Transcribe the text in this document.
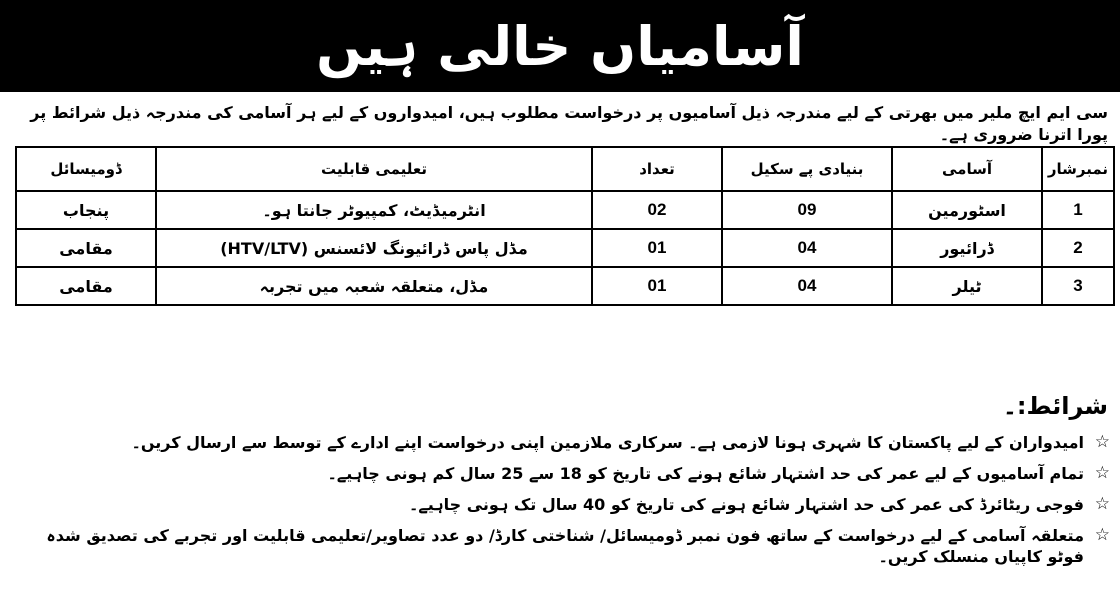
آسامیاں خالی ہیں
سی ایم ایچ ملیر میں بھرتی کے لیے مندرجہ ذیل آسامیوں پر درخواست مطلوب ہیں، امیدواروں کے لیے ہر آسامی کی مندرجہ ذیل شرائط پر پورا اترنا ضروری ہے۔
نمبرشار	آسامی	بنیادی پے سکیل	تعداد	تعلیمی قابلیت	ڈومیسائل
1	اسٹورمین	09	02	انٹرمیڈیٹ، کمپیوٹر جانتا ہو۔	پنجاب
2	ڈرائیور	04	01	مڈل پاس ڈرائیونگ لائسنس (HTV/LTV)	مقامی
3	ٹیلر	04	01	مڈل، متعلقہ شعبہ میں تجربہ	مقامی
شرائط:۔
☆
امیدواران کے لیے پاکستان کا شہری ہونا لازمی ہے۔ سرکاری ملازمین اپنی درخواست اپنے ادارے کے توسط سے ارسال کریں۔
☆
تمام آسامیوں کے لیے عمر کی حد اشتہار شائع ہونے کی تاریخ کو 18 سے 25 سال کم ہونی چاہیے۔
☆
فوجی ریٹائرڈ کی عمر کی حد اشتہار شائع ہونے کی تاریخ کو 40 سال تک ہونی چاہیے۔
☆
متعلقہ آسامی کے لیے درخواست کے ساتھ فون نمبر ڈومیسائل/ شناختی کارڈ/ دو عدد تصاویر/تعلیمی قابلیت اور تجربے کی تصدیق شدہ فوٹو کاپیاں منسلک کریں۔
